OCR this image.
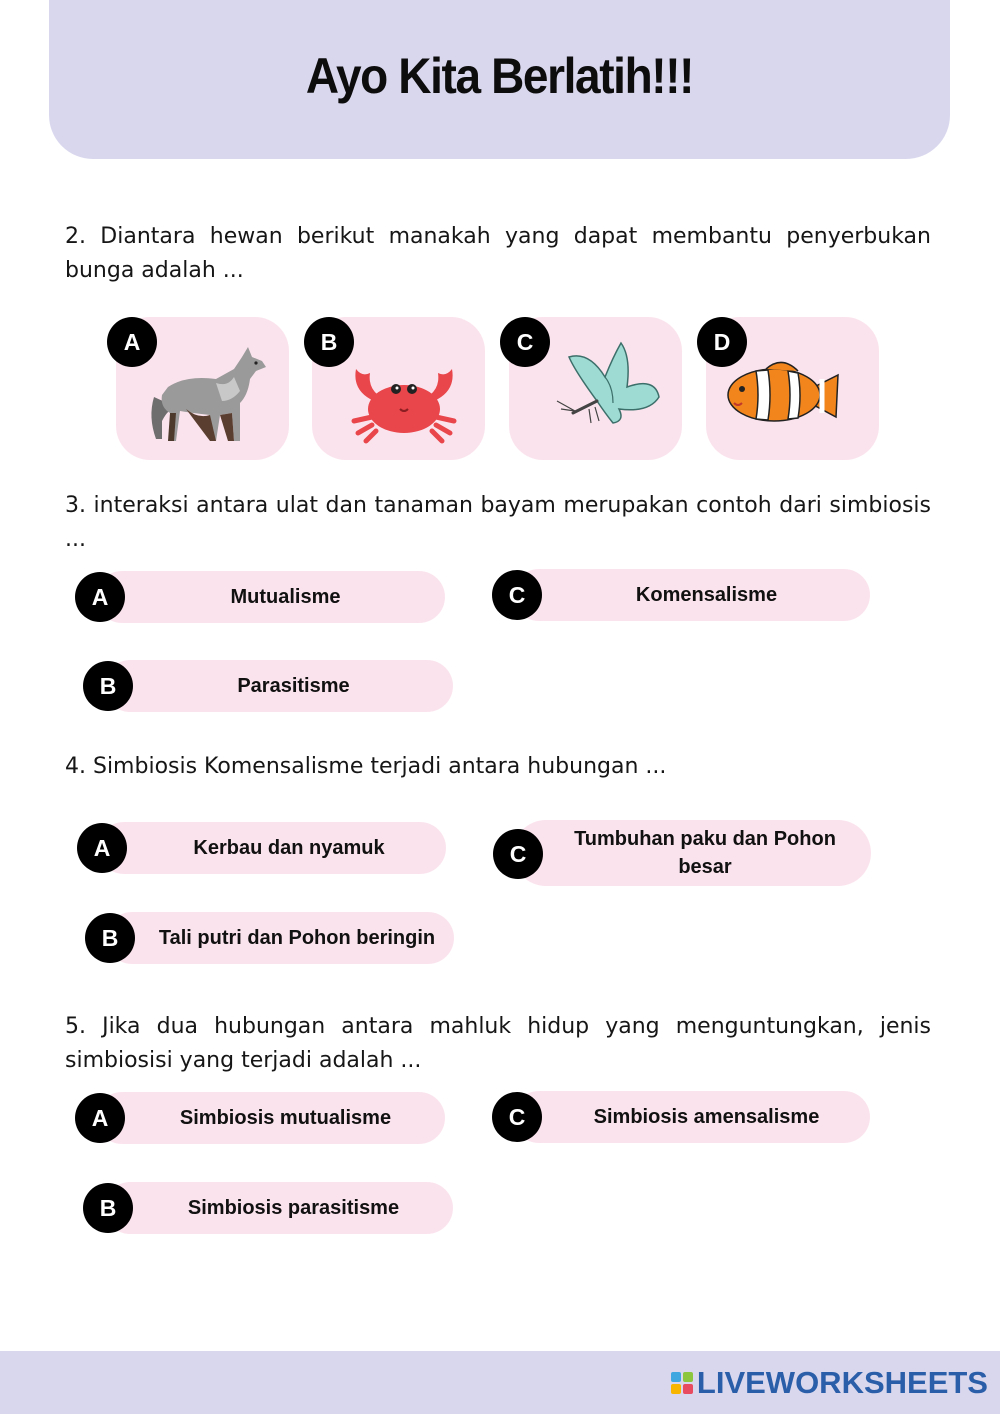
Ayo Kita Berlatih!!!

2. Diantara hewan berikut manakah yang dapat membantu penyerbukan bunga adalah ...

A	B	C	D

3. interaksi antara ulat dan tanaman bayam merupakan contoh dari simbiosis ...

Mutualisme
A
Parasitisme
B
Komensalisme
C

4. Simbiosis Komensalisme terjadi antara hubungan ...

Kerbau dan nyamuk
A
Tali putri dan Pohon beringin
B
Tumbuhan paku dan Pohon besar
C

5. Jika dua hubungan antara mahluk hidup yang menguntungkan, jenis simbiosisi yang terjadi adalah ...

Simbiosis mutualisme
A
Simbiosis parasitisme
B
Simbiosis amensalisme
C
LIVEWORKSHEETS
